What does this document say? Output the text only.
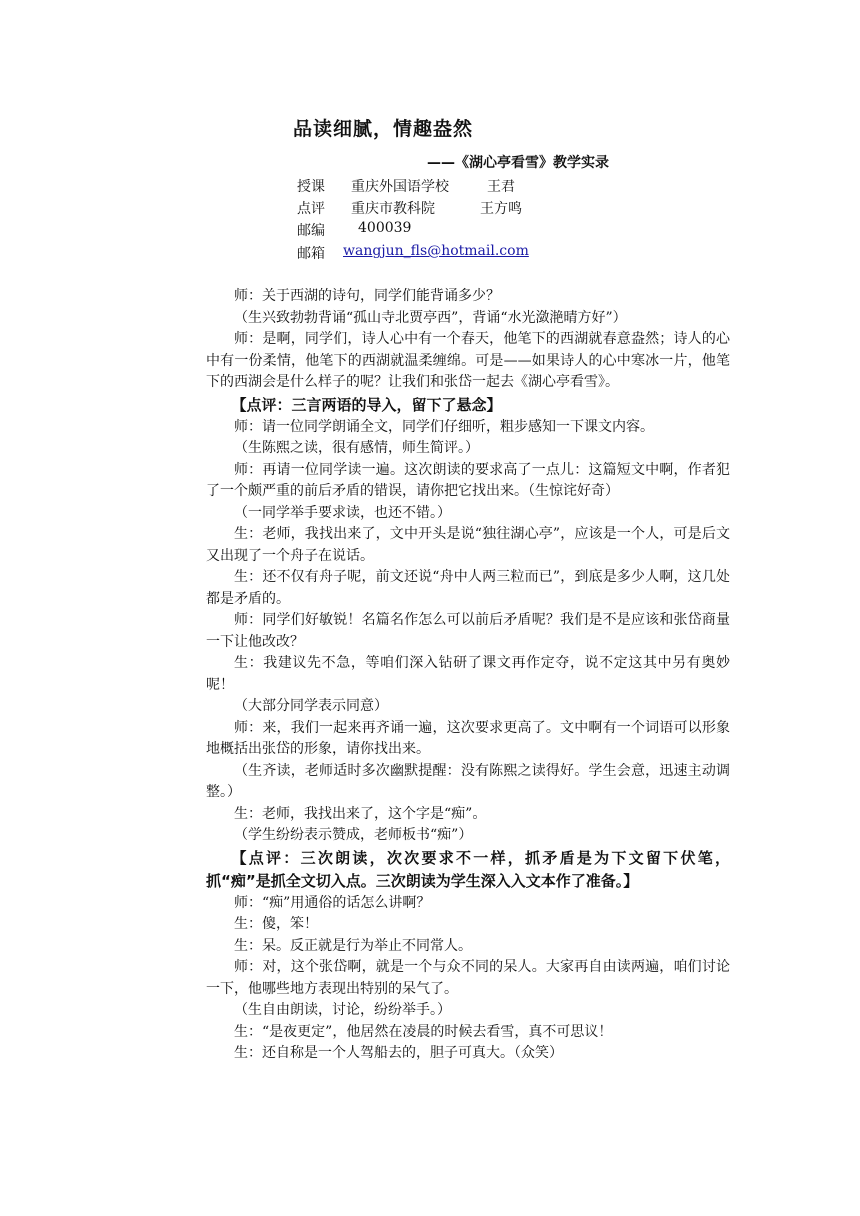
品读细腻，情趣盎然
——《湖心亭看雪》教学实录
授课 重庆外国语学校	王君
点评 重庆市教科院	王方鸣
邮编 400039
邮箱 wangjun_fls@hotmail.com

师：关于西湖的诗句，同学们能背诵多少？

（生兴致勃勃背诵“孤山寺北贾亭西”，背诵“水光潋滟晴方好”）

师：是啊，同学们，诗人心中有一个春天，他笔下的西湖就春意盎然；诗人的心中有一份柔情，他笔下的西湖就温柔缠绵。可是——如果诗人的心中寒冰一片，他笔下的西湖会是什么样子的呢？让我们和张岱一起去《湖心亭看雪》。

【点评：三言两语的导入，留下了悬念】

师：请一位同学朗诵全文，同学们仔细听，粗步感知一下课文内容。

（生陈熙之读，很有感情，师生简评。）

师：再请一位同学读一遍。这次朗读的要求高了一点儿：这篇短文中啊，作者犯了一个颇严重的前后矛盾的错误，请你把它找出来。（生惊诧好奇）

（一同学举手要求读，也还不错。）

生：老师，我找出来了，文中开头是说“独往湖心亭”，应该是一个人，可是后文又出现了一个舟子在说话。

生：还不仅有舟子呢，前文还说“舟中人两三粒而已”，到底是多少人啊，这几处都是矛盾的。

师：同学们好敏锐！名篇名作怎么可以前后矛盾呢？我们是不是应该和张岱商量一下让他改改？

生：我建议先不急，等咱们深入钻研了课文再作定夺，说不定这其中另有奥妙呢！

（大部分同学表示同意）

师：来，我们一起来再齐诵一遍，这次要求更高了。文中啊有一个词语可以形象地概括出张岱的形象，请你找出来。

（生齐读，老师适时多次幽默提醒：没有陈熙之读得好。学生会意，迅速主动调整。）

生：老师，我找出来了，这个字是“痴”。

（学生纷纷表示赞成，老师板书“痴”）

【点评：三次朗读，次次要求不一样，抓矛盾是为下文留下伏笔，抓“痴”是抓全文切入点。三次朗读为学生深入入文本作了准备。】

师：“痴”用通俗的话怎么讲啊？

生：傻，笨！

生：呆。反正就是行为举止不同常人。

师：对，这个张岱啊，就是一个与众不同的呆人。大家再自由读两遍，咱们讨论一下，他哪些地方表现出特别的呆气了。

（生自由朗读，讨论，纷纷举手。）

生：“是夜更定”，他居然在凌晨的时候去看雪，真不可思议！

生：还自称是一个人驾船去的，胆子可真大。（众笑）
